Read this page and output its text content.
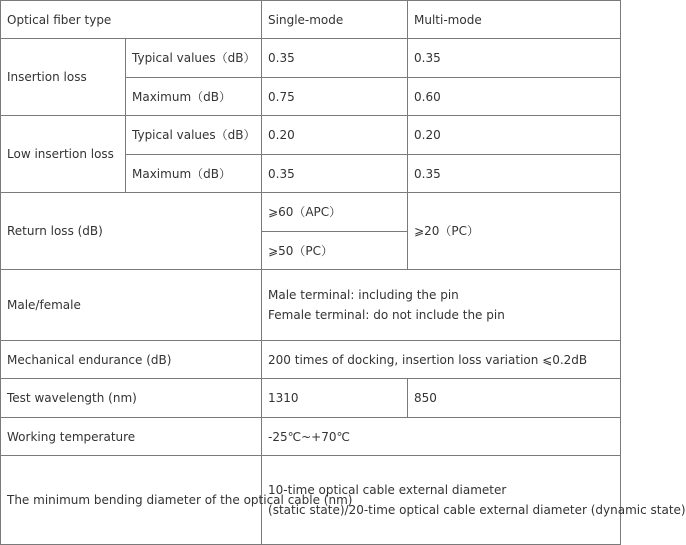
Optical fiber type		Single-mode	Multi-mode
Insertion loss	Typical values（dB）	0.35	0.35
	Maximum（dB）	0.75	0.60
Low insertion loss	Typical values（dB）	0.20	0.20
	Maximum（dB）	0.35	0.35
Return loss (dB)		⩾60（APC）	⩾20（PC）
		⩾50（PC）	
Male/female		Male terminal: including the pin
Female terminal: do not include the pin	

Mechanical endurance (dB)		200 times of docking, insertion loss variation ⩽0.2dB	
Test wavelength (nm)		1310	850
Working temperature		-25℃~+70℃	
The minimum bending diameter of the optical cable (nm)		10-time optical cable external diameter
(static state)/20-time optical cable external diameter (dynamic state)	
